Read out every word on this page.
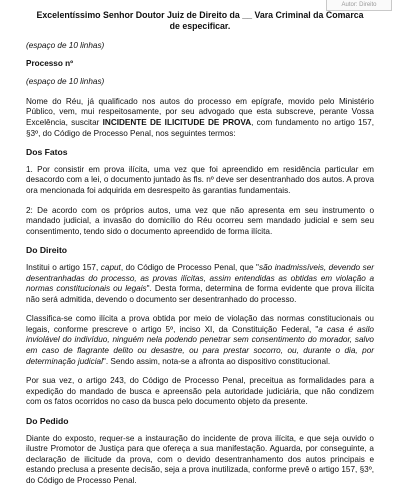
Autor: Direito

Excelentíssimo Senhor Doutor Juiz de Direito da __ Vara Criminal da Comarca

de especificar.

(espaço de 10 linhas)

Processo nº

(espaço de 10 linhas)

Nome do Réu, já qualificado nos autos do processo em epígrafe, movido pelo Ministério Público, vem, mui respeitosamente, por seu advogado que esta subscreve, perante Vossa Excelência, suscitar INCIDENTE DE ILICITUDE DE PROVA, com fundamento no artigo 157, §3º, do Código de Processo Penal, nos seguintes termos:

Dos Fatos

1. Por consistir em prova ilícita, uma vez que foi apreendido em residência particular em desacordo com a lei, o documento juntado às fls. nº deve ser desentranhado dos autos. A prova ora mencionada foi adquirida em desrespeito às garantias fundamentais.

2: De acordo com os próprios autos, uma vez que não apresenta em seu instrumento o mandado judicial, a invasão do domicílio do Réu ocorreu sem mandado judicial e sem seu consentimento, tendo sido o documento apreendido de forma ilícita.

Do Direito

Institui o artigo 157, caput, do Código de Processo Penal, que "são inadmissíveis, devendo ser desentranhadas do processo, as provas ilícitas, assim entendidas as obtidas em violação a normas constitucionais ou legais". Desta forma, determina de forma evidente que prova ilícita não será admitida, devendo o documento ser desentranhado do processo.

Classifica-se como ilícita a prova obtida por meio de violação das normas constitucionais ou legais, conforme prescreve o artigo 5º, inciso XI, da Constituição Federal, "a casa é asilo inviolável do indivíduo, ninguém nela podendo penetrar sem consentimento do morador, salvo em caso de flagrante delito ou desastre, ou para prestar socorro, ou, durante o dia, por determinação judicial". Sendo assim, nota-se a afronta ao dispositivo constitucional.

Por sua vez, o artigo 243, do Código de Processo Penal, preceitua as formalidades para a expedição do mandado de busca e apreensão pela autoridade judiciária, que não condizem com os fatos ocorridos no caso da busca pelo documento objeto da presente.

Do Pedido

Diante do exposto, requer-se a instauração do incidente de prova ilícita, e que seja ouvido o ilustre Promotor de Justiça para que ofereça a sua manifestação. Aguarda, por conseguinte, a declaração de ilicitude da prova, com o devido desentranhamento dos autos principais e estando preclusa a presente decisão, seja a prova inutilizada, conforme prevê o artigo 157, §3º, do Código de Processo Penal.
